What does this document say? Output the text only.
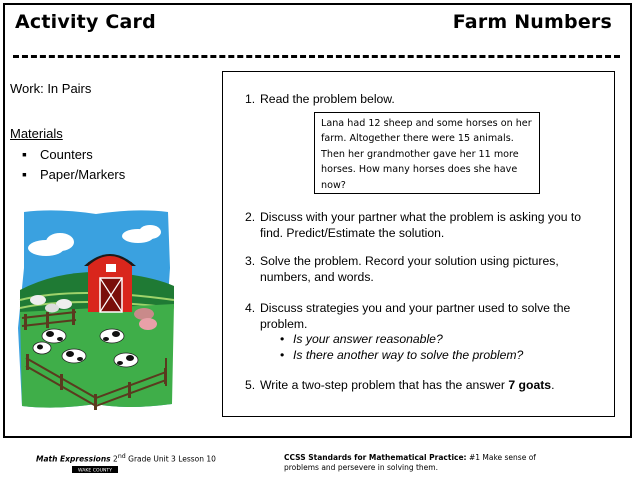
Activity Card	Farm Numbers
Work: In Pairs
Materials
▪	Counters
▪	Paper/Markers
1. Read the problem below.
Lana had 12 sheep and some horses on her farm. Altogether there were 15 animals. Then her grandmother gave her 11 more horses. How many horses does she have now?
2. Discuss with your partner what the problem is asking you to find. Predict/Estimate the solution.
3. Solve the problem. Record your solution using pictures, numbers, and words.
4. Discuss strategies you and your partner used to solve the problem.
• Is your answer reasonable?
• Is there another way to solve the problem?
5. Write a two-step problem that has the answer 7 goats.
Math Expressions 2nd Grade Unit 3 Lesson 10	CCSS Standards for Mathematical Practice: #1 Make sense of problems and persevere in solving them.
WAKE COUNTY
